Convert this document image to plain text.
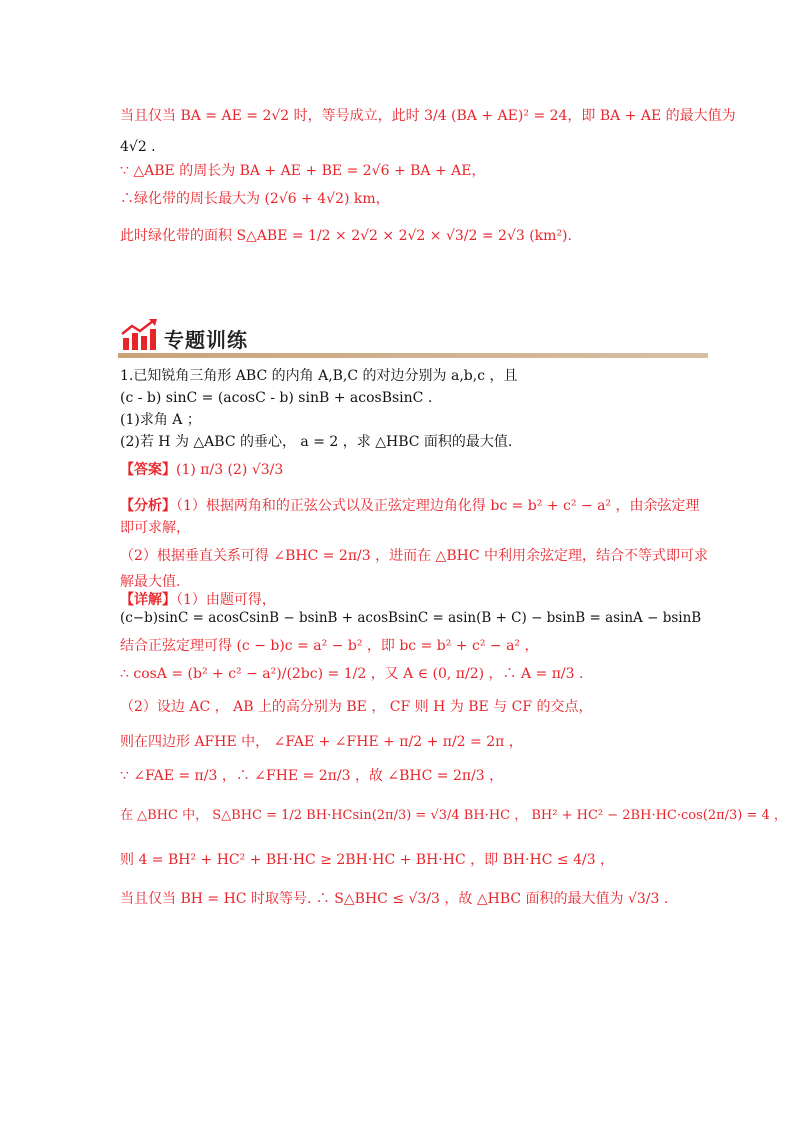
当且仅当 BA = AE = 2√2 时，等号成立，此时 3/4 (BA + AE)² = 24，即 BA + AE 的最大值为
4√2 .
∵ △ABE 的周长为 BA + AE + BE = 2√6 + BA + AE，
∴绿化带的周长最大为 (2√6 + 4√2) km，
此时绿化带的面积 S△ABE = 1/2 × 2√2 × 2√2 × √3/2 = 2√3 (km²).
专题训练
1.已知锐角三角形 ABC 的内角 A,B,C 的对边分别为 a,b,c ，且
(c - b) sinC = (acosC - b) sinB + acosBsinC .
(1)求角 A ；
(2)若 H 为 △ABC 的垂心， a = 2 ，求 △HBC 面积的最大值.
【答案】(1) π/3 (2) √3/3
【分析】（1）根据两角和的正弦公式以及正弦定理边角化得 bc = b² + c² − a² ，由余弦定理
即可求解，
（2）根据垂直关系可得 ∠BHC = 2π/3 ，进而在 △BHC 中利用余弦定理，结合不等式即可求
解最大值.
【详解】（1）由题可得，
(c−b)sinC = acosCsinB − bsinB + acosBsinC = asin(B + C) − bsinB = asinA − bsinB
结合正弦定理可得 (c − b)c = a² − b² ，即 bc = b² + c² − a² ，
∴ cosA = (b² + c² − a²)/(2bc) = 1/2 ，又 A ∈ (0, π/2) ，∴ A = π/3 .
（2）设边 AC ， AB 上的高分别为 BE ， CF 则 H 为 BE 与 CF 的交点，
则在四边形 AFHE 中， ∠FAE + ∠FHE + π/2 + π/2 = 2π ，
∵ ∠FAE = π/3 ，∴ ∠FHE = 2π/3 ，故 ∠BHC = 2π/3 ，
在 △BHC 中， S△BHC = 1/2 BH·HCsin(2π/3) = √3/4 BH·HC ， BH² + HC² − 2BH·HC·cos(2π/3) = 4 ，
则 4 = BH² + HC² + BH·HC ≥ 2BH·HC + BH·HC ，即 BH·HC ≤ 4/3 ，
当且仅当 BH = HC 时取等号. ∴ S△BHC ≤ √3/3 ，故 △HBC 面积的最大值为 √3/3 .
